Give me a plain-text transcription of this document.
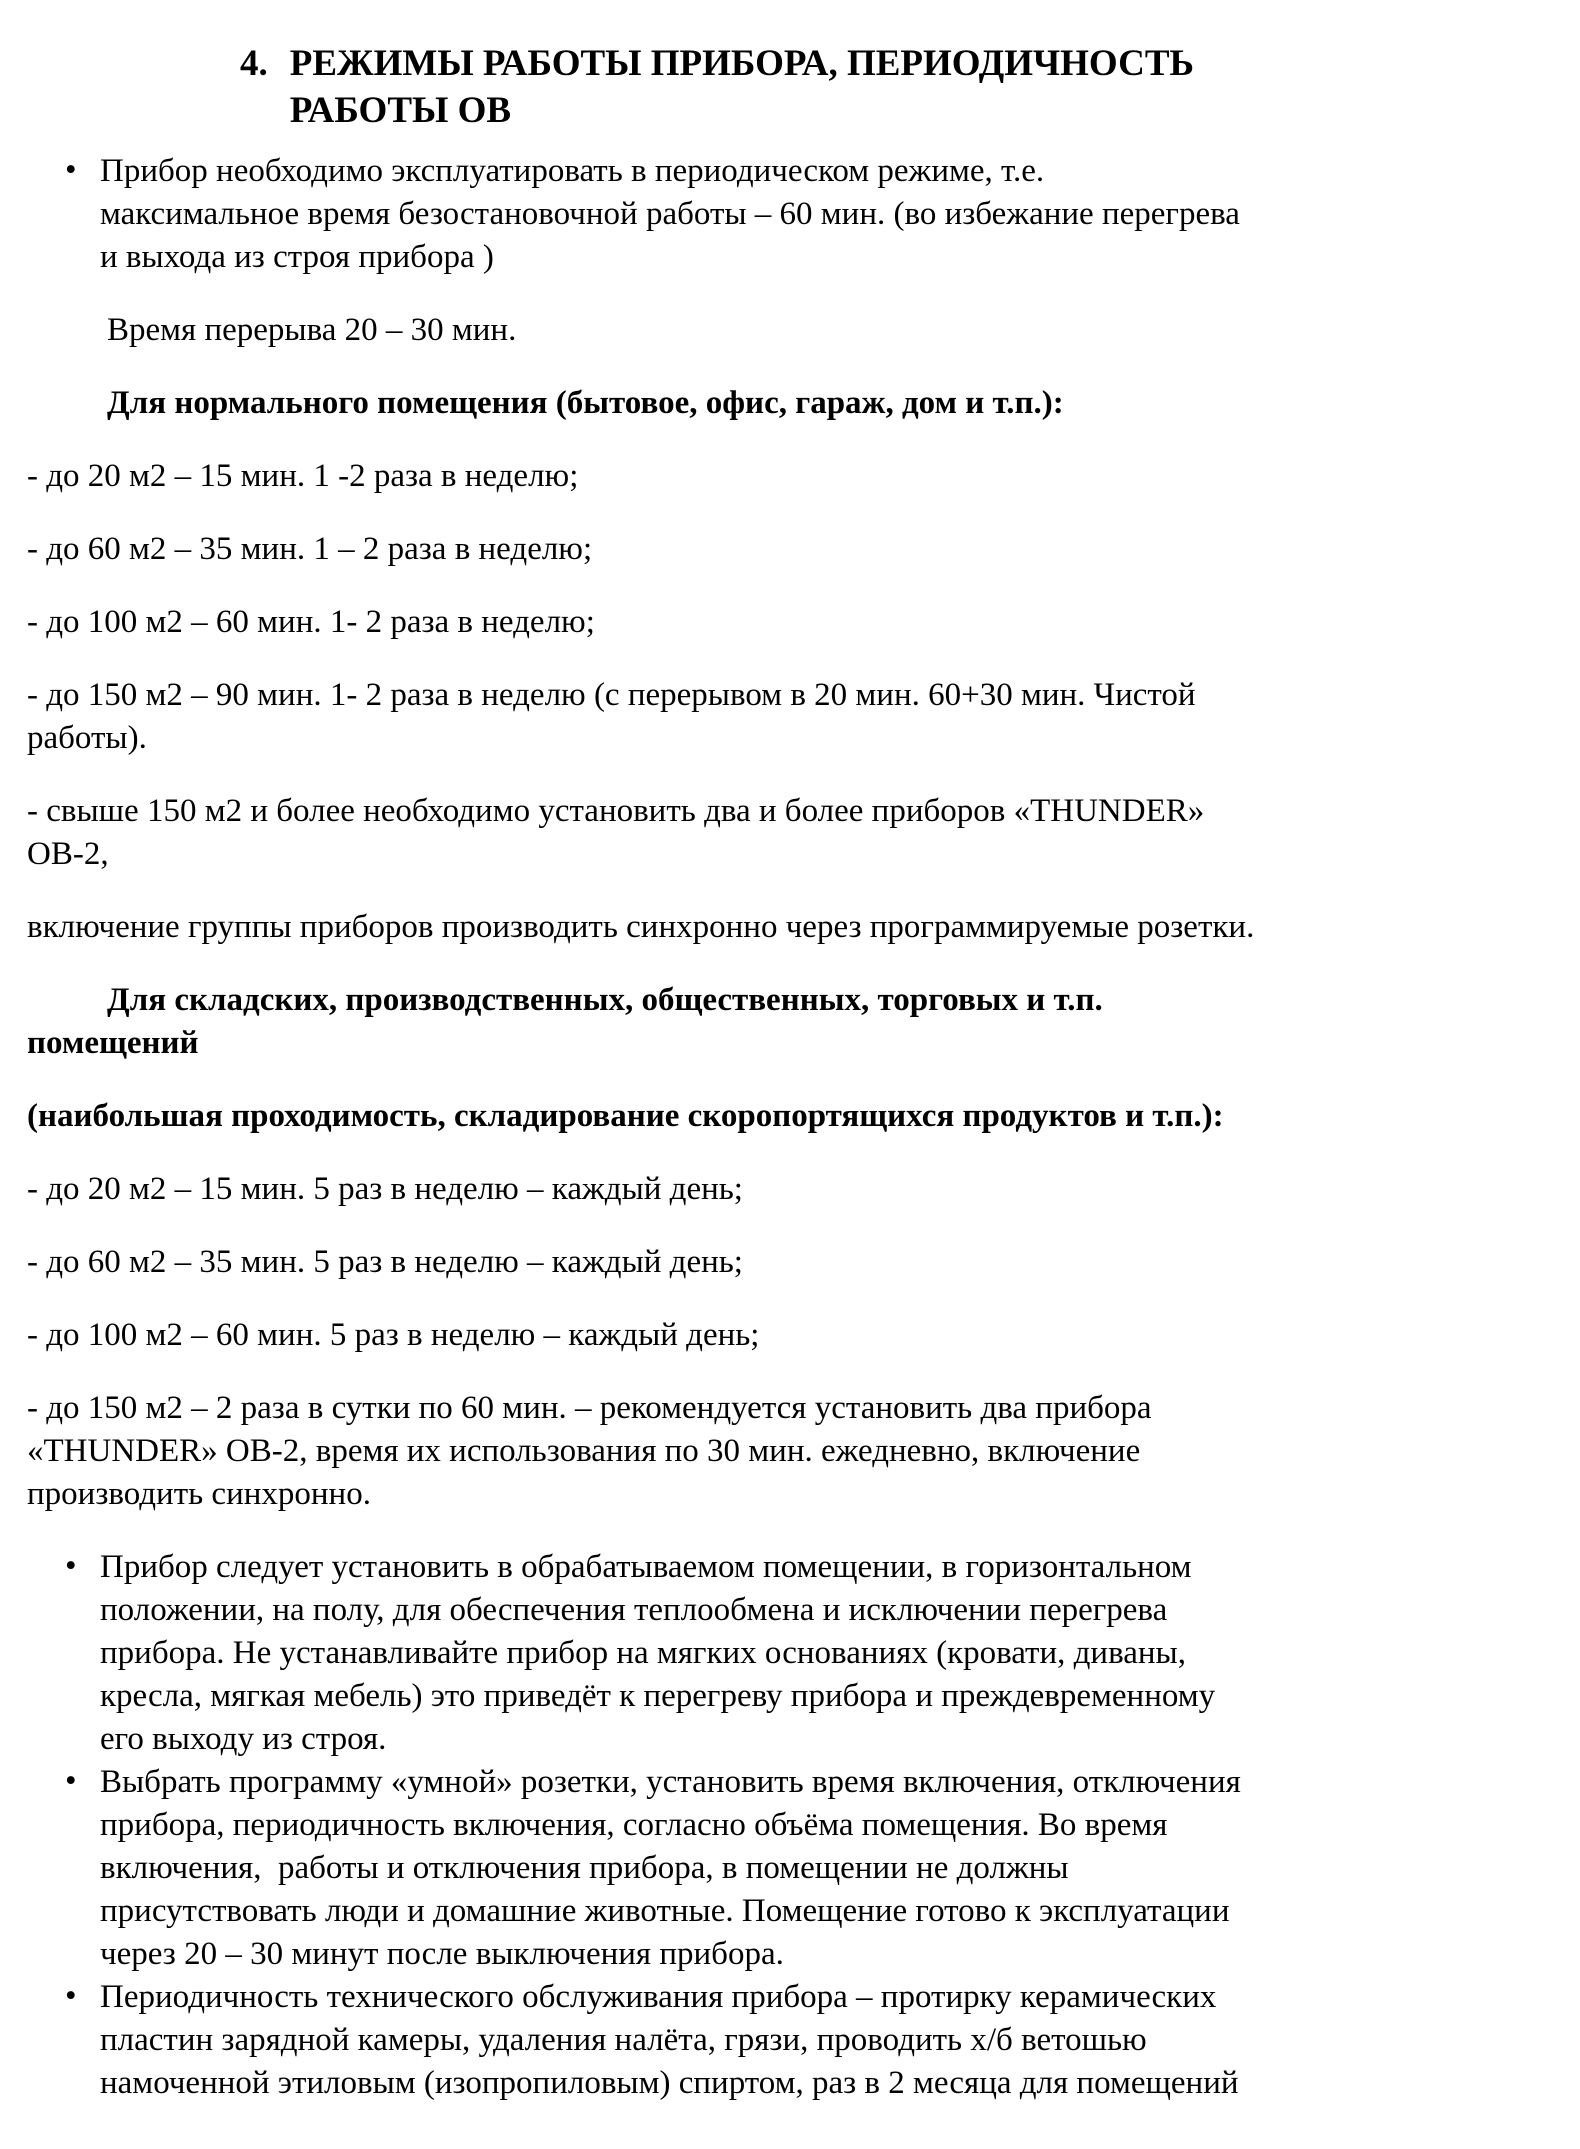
4. РЕЖИМЫ РАБОТЫ ПРИБОРА, ПЕРИОДИЧНОСТЬ
РАБОТЫ ОВ
• Прибор необходимо эксплуатировать в периодическом режиме, т.е.
максимальное время безостановочной работы – 60 мин. (во избежание перегрева
и выхода из строя прибора )
Время перерыва 20 – 30 мин.
Для нормального помещения (бытовое, офис, гараж, дом и т.п.):
- до 20 м2 – 15 мин. 1 -2 раза в неделю;
- до 60 м2 – 35 мин. 1 – 2 раза в неделю;
- до 100 м2 – 60 мин. 1- 2 раза в неделю;
- до 150 м2 – 90 мин. 1- 2 раза в неделю (с перерывом в 20 мин. 60+30 мин. Чистой
работы).
- свыше 150 м2 и более необходимо установить два и более приборов «THUNDER»
ОВ-2,
включение группы приборов производить синхронно через программируемые розетки.
Для складских, производственных, общественных, торговых и т.п.
помещений
(наибольшая проходимость, складирование скоропортящихся продуктов и т.п.):
- до 20 м2 – 15 мин. 5 раз в неделю – каждый день;
- до 60 м2 – 35 мин. 5 раз в неделю – каждый день;
- до 100 м2 – 60 мин. 5 раз в неделю – каждый день;
- до 150 м2 – 2 раза в сутки по 60 мин. – рекомендуется установить два прибора
«THUNDER» ОВ-2, время их использования по 30 мин. ежедневно, включение
производить синхронно.
• Прибор следует установить в обрабатываемом помещении, в горизонтальном
положении, на полу, для обеспечения теплообмена и исключении перегрева
прибора. Не устанавливайте прибор на мягких основаниях (кровати, диваны,
кресла, мягкая мебель) это приведёт к перегреву прибора и преждевременному
его выходу из строя.
• Выбрать программу «умной» розетки, установить время включения, отключения
прибора, периодичность включения, согласно объёма помещения. Во время
включения,  работы и отключения прибора, в помещении не должны
присутствовать люди и домашние животные. Помещение готово к эксплуатации
через 20 – 30 минут после выключения прибора.
• Периодичность технического обслуживания прибора – протирку керамических
пластин зарядной камеры, удаления налёта, грязи, проводить х/б ветошью
намоченной этиловым (изопропиловым) спиртом, раз в 2 месяца для помещений
